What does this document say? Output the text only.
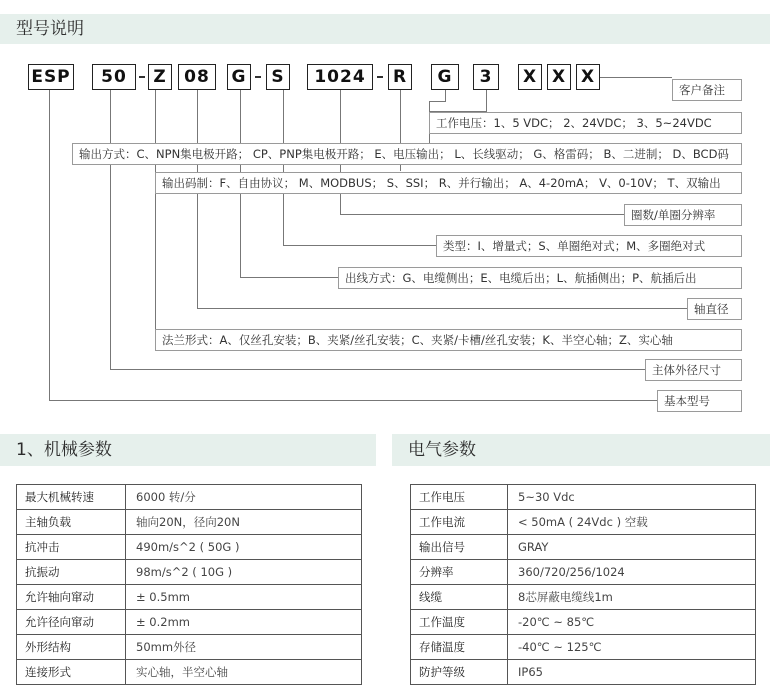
型号说明
ESP	50	Z	08	G	S	1024	R	G	3	X X X
客户备注
工作电压：1、5 VDC； 2、24VDC； 3、5~24VDC
输出方式：C、NPN集电极开路； CP、PNP集电极开路； E、电压输出； L、长线驱动； G、格雷码； B、二进制； D、BCD码
输出码制：F、自由协议； M、MODBUS； S、SSI； R、并行输出； A、4-20mA； V、0-10V； T、双输出
圈数/单圈分辨率
类型：I、增量式；S、单圈绝对式；M、多圈绝对式
出线方式：G、电缆侧出；E、电缆后出；L、航插侧出；P、航插后出
轴直径
法兰形式：A、仅丝孔安装；B、夹紧/丝孔安装；C、夹紧/卡槽/丝孔安装；K、半空心轴；Z、实心轴
主体外径尺寸
基本型号
1、机械参数
最大机械转速	6000 转/分
主轴负载	轴向20N，径向20N
抗冲击	490m/s^2 ( 50G )
抗振动	98m/s^2 ( 10G )
允许轴向窜动	± 0.5mm
允许径向窜动	± 0.2mm
外形结构	50mm外径
连接形式	实心轴，半空心轴
电气参数
工作电压	5~30 Vdc
工作电流	< 50mA ( 24Vdc ) 空载
输出信号	GRAY
分辨率	360/720/256/1024
线缆	8芯屏蔽电缆线1m
工作温度	-20℃ ~ 85℃
存储温度	-40℃ ~ 125℃
防护等级	IP65
